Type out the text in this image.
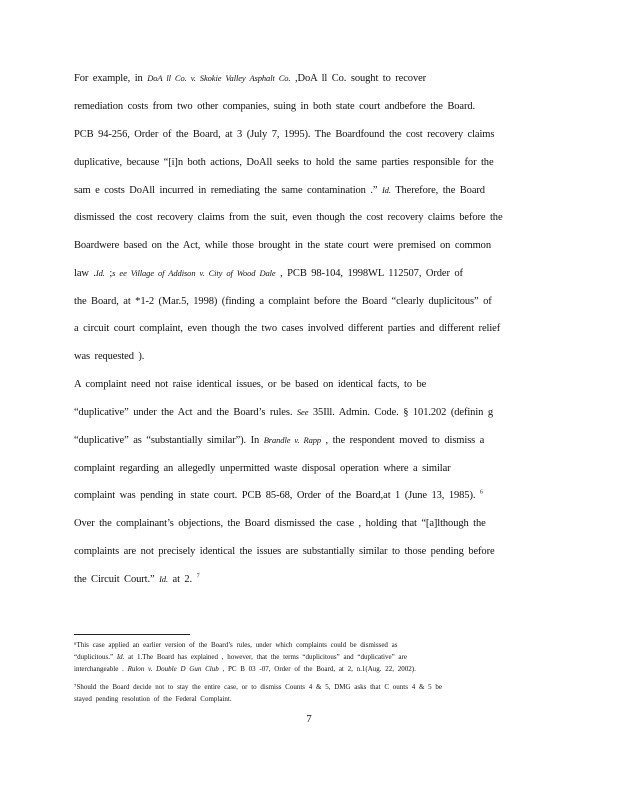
For example, in DoA ll Co. v. Skokie Valley Asphalt Co. ,DoA ll Co. sought to recover
remediation costs from two other companies, suing in both state court andbefore the Board.
PCB 94-256, Order of the Board, at 3 (July 7, 1995). The Boardfound the cost recovery claims
duplicative, because “[i]n both actions, DoAll seeks to hold the same parties responsible for the
sam e costs DoAll incurred in remediating the same contamination .” Id. Therefore, the Board
dismissed the cost recovery claims from the suit, even though the cost recovery claims before the
Boardwere based on the Act, while those brought in the state court were premised on common
law .Id. ;s ee Village of Addison v. City of Wood Dale , PCB 98-104, 1998WL 112507, Order of
the Board, at *1-2 (Mar.5, 1998) (finding a complaint before the Board “clearly duplicitous” of
a circuit court complaint, even though the two cases involved different parties and different relief
was requested ).
A complaint need not raise identical issues, or be based on identical facts, to be
“duplicative” under the Act and the Board’s rules. See 35Ill. Admin. Code. § 101.202 (definin g
“duplicative” as “substantially similar”). In Brandle v. Rapp , the respondent moved to dismiss a
complaint regarding an allegedly unpermitted waste disposal operation where a similar
complaint was pending in state court. PCB 85-68, Order of the Board,at 1 (June 13, 1985). $^6$
Over the complainant’s objections, the Board dismissed the case , holding that “[a]lthough the
complaints are not precisely identical the issues are substantially similar to those pending before
the Circuit Court.” Id. at 2. $^7$
⁶This case applied an earlier version of the Board’s rules, under which complaints could be dismissed as
“duplicitous.” Id. at 1.The Board has explained , however, that the terms “duplicitous” and “duplicative” are
interchangeable . Rulon v. Double D Gun Club , PC B 03 -07, Order of the Board, at 2, n.1(Aug. 22, 2002).
⁷Should the Board decide not to stay the entire case, or to dismiss Counts 4 & 5, DMG asks that C ounts 4 & 5 be
stayed pending resolution of the Federal Complaint.
7
